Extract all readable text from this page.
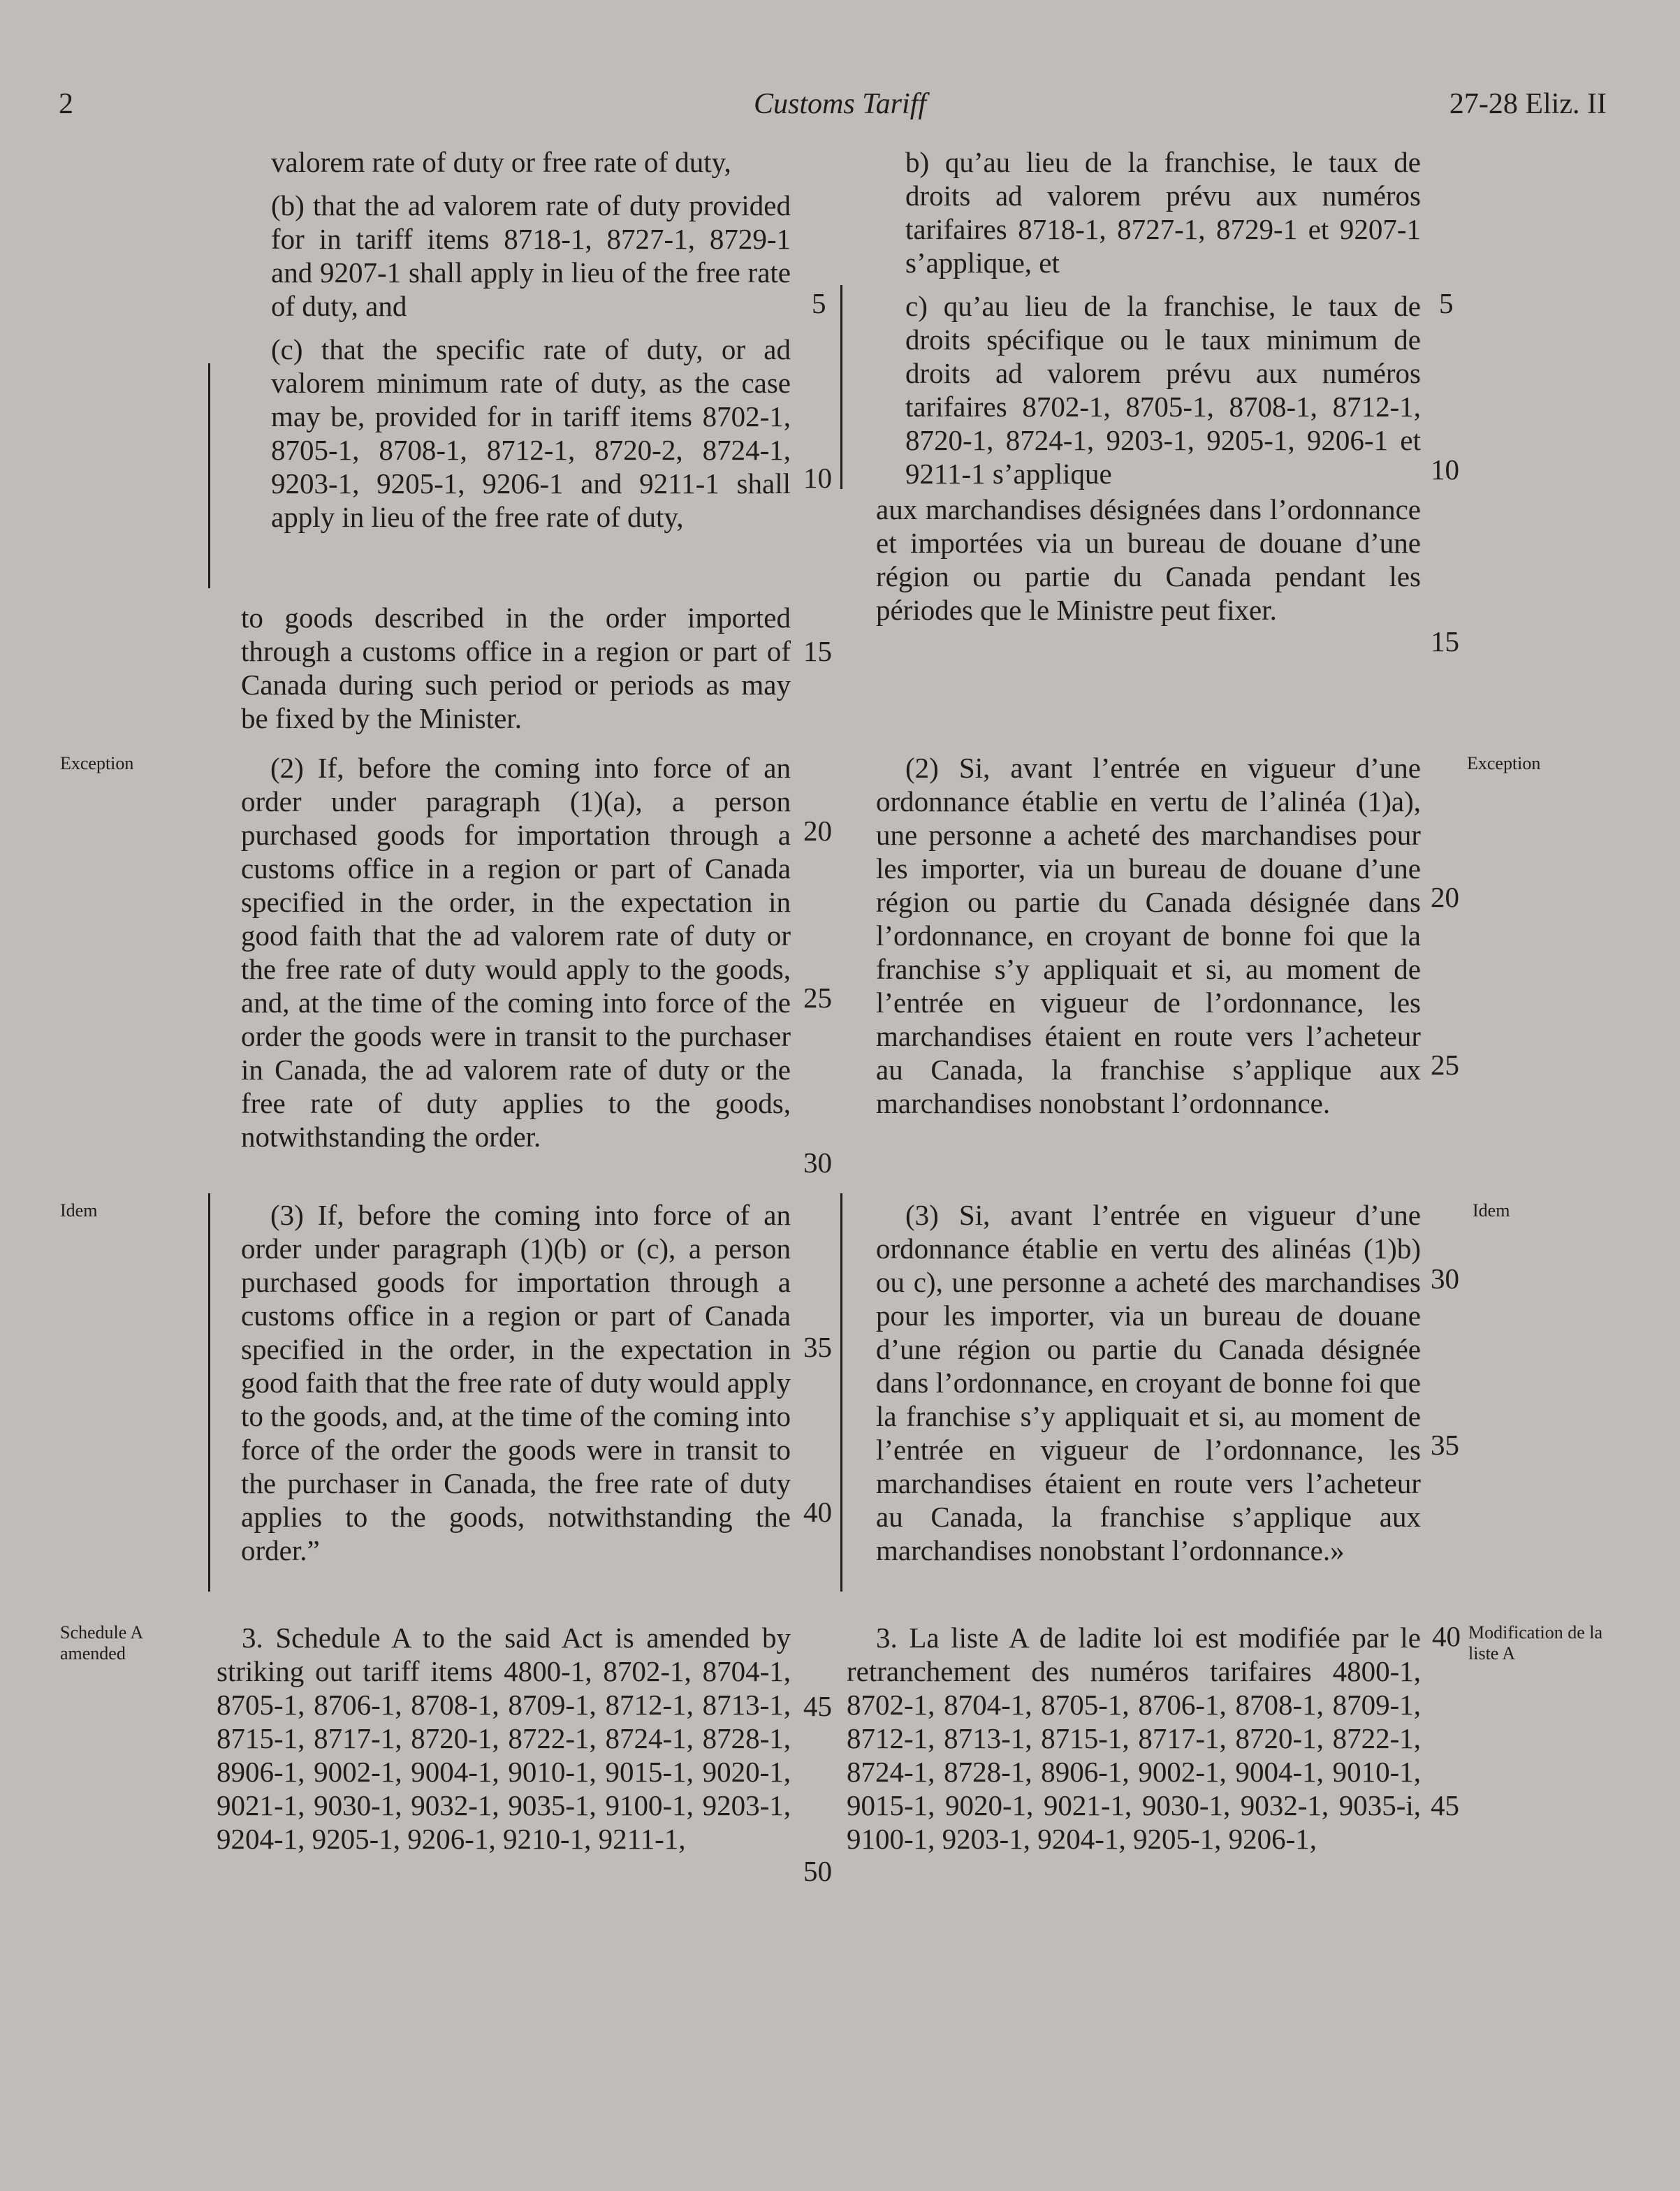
2	Customs Tariff	27-28 Eliz. II

valorem rate of duty or free rate of duty,

(b) that the ad valorem rate of duty provided for in tariff items 8718-1, 8727-1, 8729-1 and 9207-1 shall apply in lieu of the free rate of duty, and

(c) that the specific rate of duty, or ad valorem minimum rate of duty, as the case may be, provided for in tariff items 8702-1, 8705-1, 8708-1, 8712-1, 8720-2, 8724-1, 9203-1, 9205-1, 9206-1 and 9211-1 shall apply in lieu of the free rate of duty,

to goods described in the order imported through a customs office in a region or part of Canada during such period or periods as may be fixed by the Minister.

(2) If, before the coming into force of an order under paragraph (1)(a), a person purchased goods for importation through a customs office in a region or part of Canada specified in the order, in the expectation in good faith that the ad valorem rate of duty or the free rate of duty would apply to the goods, and, at the time of the coming into force of the order the goods were in transit to the purchaser in Canada, the ad valorem rate of duty or the free rate of duty applies to the goods, notwithstanding the order.

(3) If, before the coming into force of an order under paragraph (1)(b) or (c), a person purchased goods for importation through a customs office in a region or part of Canada specified in the order, in the expectation in good faith that the free rate of duty would apply to the goods, and, at the time of the coming into force of the order the goods were in transit to the purchaser in Canada, the free rate of duty applies to the goods, notwithstanding the order.”

3. Schedule A to the said Act is amended by striking out tariff items 4800-1, 8702-1, 8704-1, 8705-1, 8706-1, 8708-1, 8709-1, 8712-1, 8713-1, 8715-1, 8717-1, 8720-1, 8722-1, 8724-1, 8728-1, 8906-1, 9002-1, 9004-1, 9010-1, 9015-1, 9020-1, 9021-1, 9030-1, 9032-1, 9035-1, 9100-1, 9203-1, 9204-1, 9205-1, 9206-1, 9210-1, 9211-1,

b) qu’au lieu de la franchise, le taux de droits ad valorem prévu aux numéros tarifaires 8718-1, 8727-1, 8729-1 et 9207-1 s’applique, et

c) qu’au lieu de la franchise, le taux de droits spécifique ou le taux minimum de droits ad valorem prévu aux numéros tarifaires 8702-1, 8705-1, 8708-1, 8712-1, 8720-1, 8724-1, 9203-1, 9205-1, 9206-1 et 9211-1 s’applique

aux marchandises désignées dans l’ordonnance et importées via un bureau de douane d’une région ou partie du Canada pendant les périodes que le Ministre peut fixer.

(2) Si, avant l’entrée en vigueur d’une ordonnance établie en vertu de l’alinéa (1)a), une personne a acheté des marchandises pour les importer, via un bureau de douane d’une région ou partie du Canada désignée dans l’ordonnance, en croyant de bonne foi que la franchise s’y appliquait et si, au moment de l’entrée en vigueur de l’ordonnance, les marchandises étaient en route vers l’acheteur au Canada, la franchise s’applique aux marchandises nonobstant l’ordonnance.

(3) Si, avant l’entrée en vigueur d’une ordonnance établie en vertu des alinéas (1)b) ou c), une personne a acheté des marchandises pour les importer, via un bureau de douane d’une région ou partie du Canada désignée dans l’ordonnance, en croyant de bonne foi que la franchise s’y appliquait et si, au moment de l’entrée en vigueur de l’ordonnance, les marchandises étaient en route vers l’acheteur au Canada, la franchise s’applique aux marchandises nonobstant l’ordonnance.»

3. La liste A de ladite loi est modifiée par le retranchement des numéros tarifaires 4800-1, 8702-1, 8704-1, 8705-1, 8706-1, 8708-1, 8709-1, 8712-1, 8713-1, 8715-1, 8717-1, 8720-1, 8722-1, 8724-1, 8728-1, 8906-1, 9002-1, 9004-1, 9010-1, 9015-1, 9020-1, 9021-1, 9030-1, 9032-1, 9035-i, 9100-1, 9203-1, 9204-1, 9205-1, 9206-1,

Exception
Idem
Schedule A amended
Exception
Idem
Modification de la liste A
5
10
15
20
25
30
35
40
45
50
5
10
15
20
25
30
35
40
45
